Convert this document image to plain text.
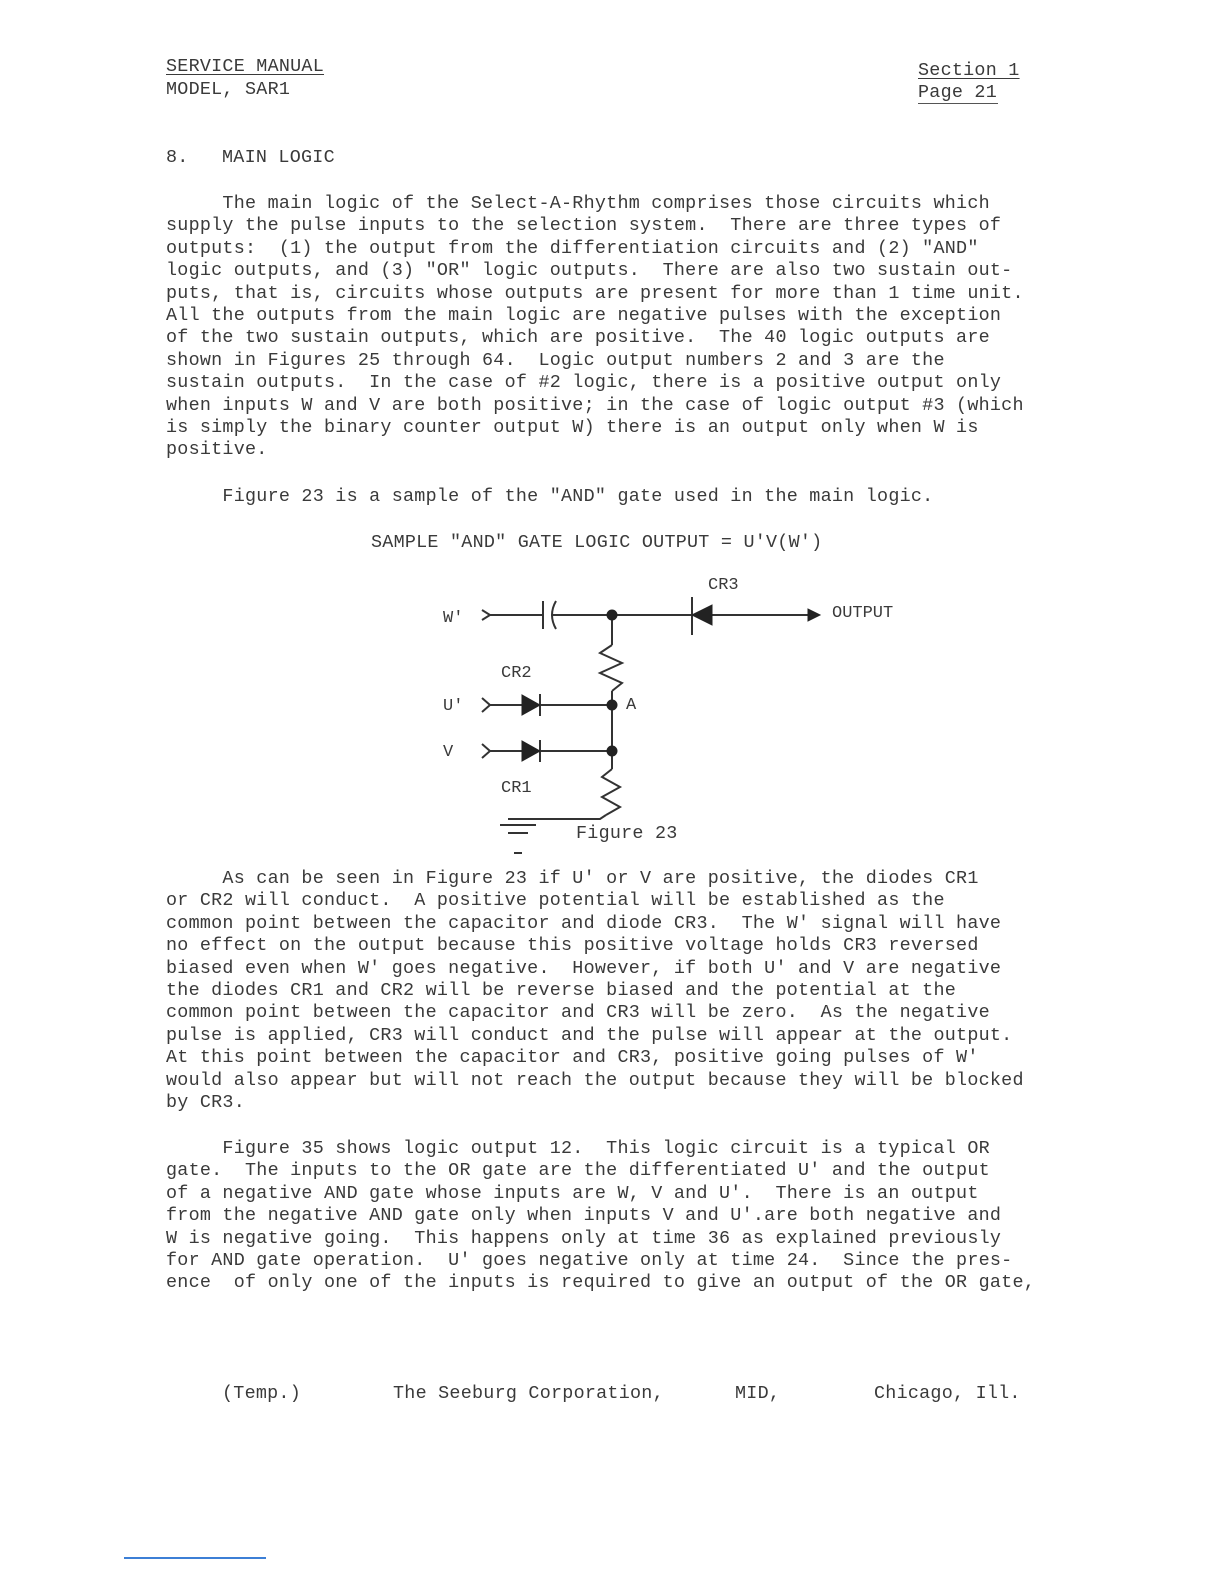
SERVICE MANUAL
MODEL, SAR1
Section 1
Page 21
8. MAIN LOGIC
The main logic of the Select-A-Rhythm comprises those circuits which
supply the pulse inputs to the selection system.  There are three types of
outputs:  (1) the output from the differentiation circuits and (2) "AND"
logic outputs, and (3) "OR" logic outputs.  There are also two sustain out-
puts, that is, circuits whose outputs are present for more than 1 time unit.
All the outputs from the main logic are negative pulses with the exception
of the two sustain outputs, which are positive.  The 40 logic outputs are
shown in Figures 25 through 64.  Logic output numbers 2 and 3 are the
sustain outputs.  In the case of #2 logic, there is a positive output only
when inputs W and V are both positive; in the case of logic output #3 (which
is simply the binary counter output W) there is an output only when W is
positive.
Figure 23 is a sample of the "AND" gate used in the main logic.
SAMPLE "AND" GATE LOGIC OUTPUT = U'V(W')
W'
U'
V
CR3
OUTPUT
CR2
CR1
A
Figure 23
As can be seen in Figure 23 if U' or V are positive, the diodes CR1
or CR2 will conduct.  A positive potential will be established as the
common point between the capacitor and diode CR3.  The W' signal will have
no effect on the output because this positive voltage holds CR3 reversed
biased even when W' goes negative.  However, if both U' and V are negative
the diodes CR1 and CR2 will be reverse biased and the potential at the
common point between the capacitor and CR3 will be zero.  As the negative
pulse is applied, CR3 will conduct and the pulse will appear at the output.
At this point between the capacitor and CR3, positive going pulses of W'
would also appear but will not reach the output because they will be blocked
by CR3.
Figure 35 shows logic output 12.  This logic circuit is a typical OR
gate.  The inputs to the OR gate are the differentiated U' and the output
of a negative AND gate whose inputs are W, V and U'.  There is an output
from the negative AND gate only when inputs V and U'.are both negative and
W is negative going.  This happens only at time 36 as explained previously
for AND gate operation.  U' goes negative only at time 24.  Since the pres-
ence  of only one of the inputs is required to give an output of the OR gate,
(Temp.)	The Seeburg Corporation,	MID,	Chicago, Ill.
